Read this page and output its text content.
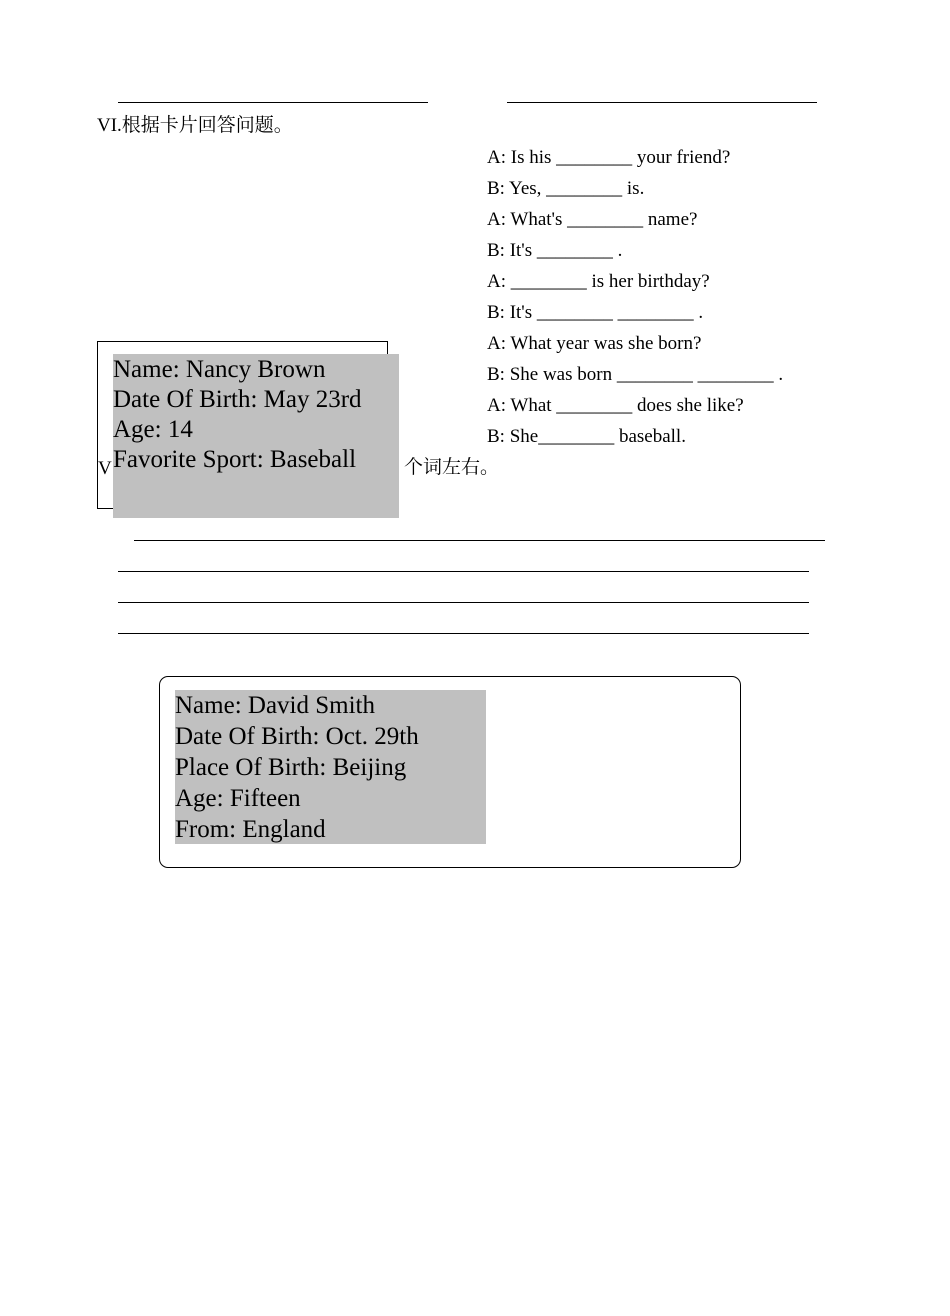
VI.根据卡片回答问题。
A: Is his ________ your friend?
B: Yes, ________ is.
A: What's ________ name?
B: It's ________ .
A: ________ is her birthday?
B: It's ________ ________ .
A: What year was she born?
B: She was born ________ ________ .
A: What ________ does she like?
B: She________ baseball.
V	个词左右。
Name: Nancy Brown
Date Of Birth: May 23rd
Age: 14
Favorite Sport: Baseball
Name: David Smith
Date Of Birth: Oct. 29th
Place Of Birth: Beijing
Age: Fifteen
From: England
